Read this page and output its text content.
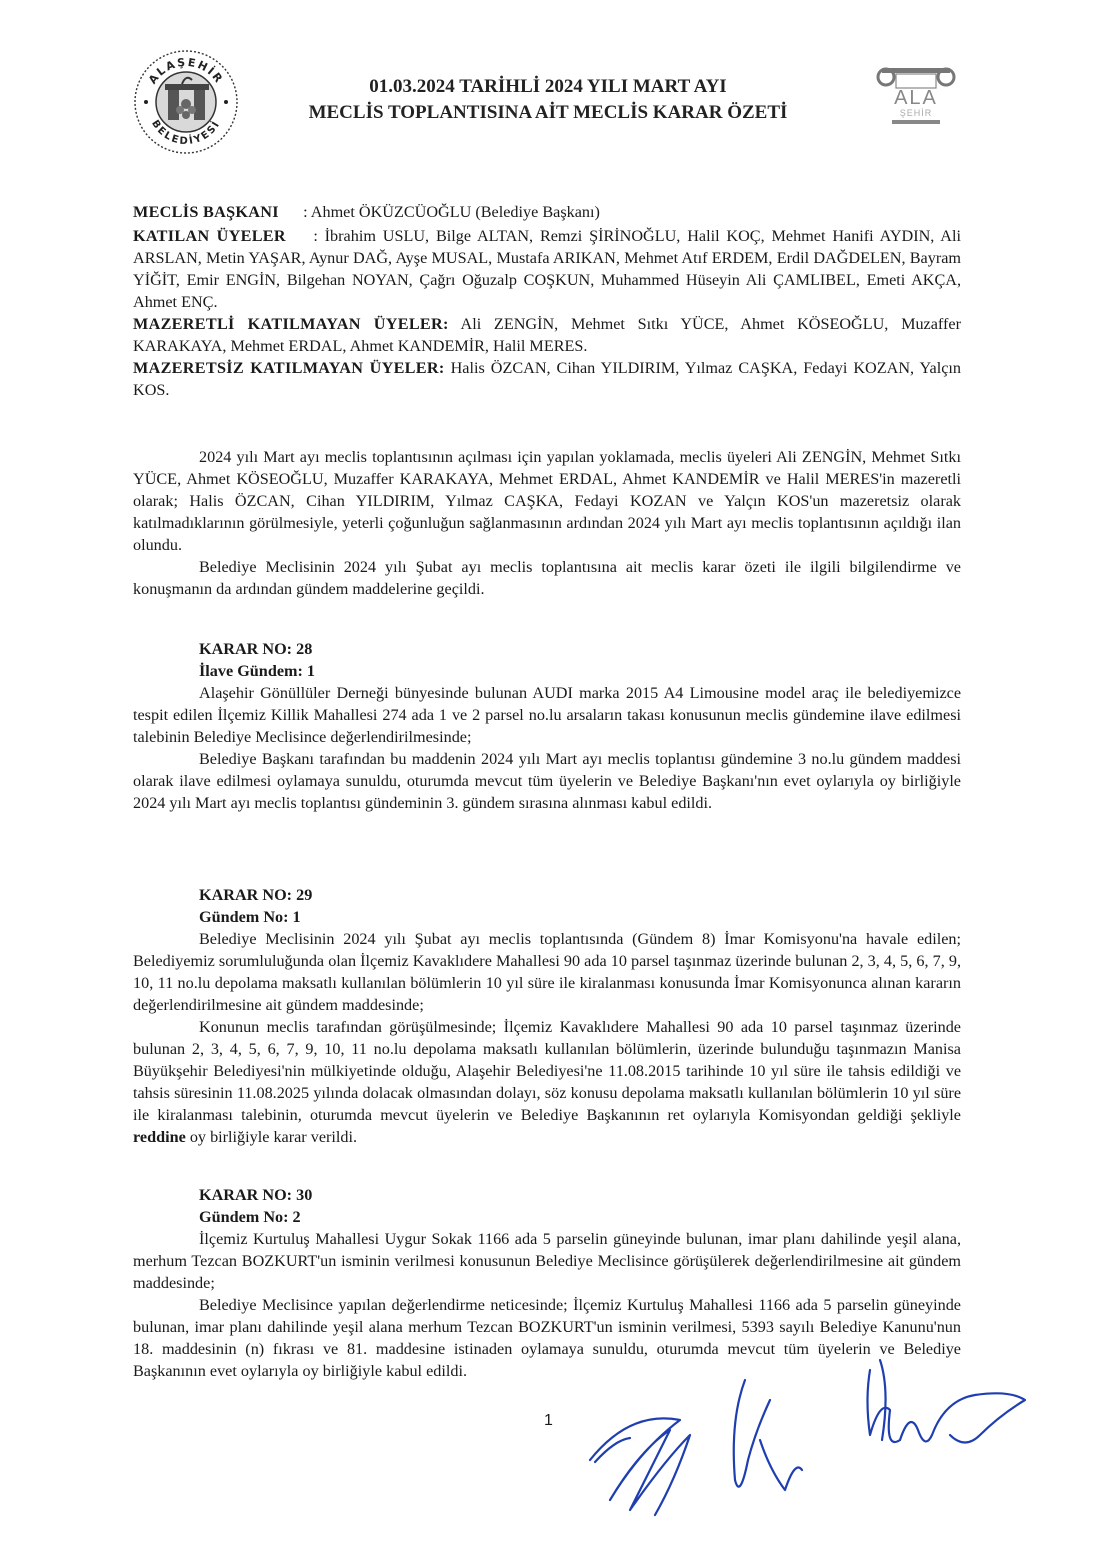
ALAŞEHİR
BELEDİYESİ
ALA
ŞEHİR
01.03.2024 TARİHLİ 2024 YILI MART AYI
MECLİS TOPLANTISINA AİT MECLİS KARAR ÖZETİ

MECLİS BAŞKANI : Ahmet ÖKÜZCÜOĞLU (Belediye Başkanı)

KATILAN ÜYELER : İbrahim USLU, Bilge ALTAN, Remzi ŞİRİNOĞLU, Halil KOÇ, Mehmet Hanifi AYDIN, Ali ARSLAN, Metin YAŞAR, Aynur DAĞ, Ayşe MUSAL, Mustafa ARIKAN, Mehmet Atıf ERDEM, Erdil DAĞDELEN, Bayram YİĞİT, Emir ENGİN, Bilgehan NOYAN, Çağrı Oğuzalp COŞKUN, Muhammed Hüseyin Ali ÇAMLIBEL, Emeti AKÇA, Ahmet ENÇ.

MAZERETLİ KATILMAYAN ÜYELER: Ali ZENGİN, Mehmet Sıtkı YÜCE, Ahmet KÖSEOĞLU, Muzaffer KARAKAYA, Mehmet ERDAL, Ahmet KANDEMİR, Halil MERES.

MAZERETSİZ KATILMAYAN ÜYELER: Halis ÖZCAN, Cihan YILDIRIM, Yılmaz CAŞKA, Fedayi KOZAN, Yalçın KOS.

2024 yılı Mart ayı meclis toplantısının açılması için yapılan yoklamada, meclis üyeleri Ali ZENGİN, Mehmet Sıtkı YÜCE, Ahmet KÖSEOĞLU, Muzaffer KARAKAYA, Mehmet ERDAL, Ahmet KANDEMİR ve Halil MERES'in mazeretli olarak; Halis ÖZCAN, Cihan YILDIRIM, Yılmaz CAŞKA, Fedayi KOZAN ve Yalçın KOS'un mazeretsiz olarak katılmadıklarının görülmesiyle, yeterli çoğunluğun sağlanmasının ardından 2024 yılı Mart ayı meclis toplantısının açıldığı ilan olundu.

Belediye Meclisinin 2024 yılı Şubat ayı meclis toplantısına ait meclis karar özeti ile ilgili bilgilendirme ve konuşmanın da ardından gündem maddelerine geçildi.

KARAR NO: 28

İlave Gündem: 1

Alaşehir Gönüllüler Derneği bünyesinde bulunan AUDI marka 2015 A4 Limousine model araç ile belediyemizce tespit edilen İlçemiz Killik Mahallesi 274 ada 1 ve 2 parsel no.lu arsaların takası konusunun meclis gündemine ilave edilmesi talebinin Belediye Meclisince değerlendirilmesinde;

Belediye Başkanı tarafından bu maddenin 2024 yılı Mart ayı meclis toplantısı gündemine 3 no.lu gündem maddesi olarak ilave edilmesi oylamaya sunuldu, oturumda mevcut tüm üyelerin ve Belediye Başkanı'nın evet oylarıyla oy birliğiyle 2024 yılı Mart ayı meclis toplantısı gündeminin 3. gündem sırasına alınması kabul edildi.

KARAR NO: 29

Gündem No: 1

Belediye Meclisinin 2024 yılı Şubat ayı meclis toplantısında (Gündem 8) İmar Komisyonu'na havale edilen; Belediyemiz sorumluluğunda olan İlçemiz Kavaklıdere Mahallesi 90 ada 10 parsel taşınmaz üzerinde bulunan 2, 3, 4, 5, 6, 7, 9, 10, 11 no.lu depolama maksatlı kullanılan bölümlerin 10 yıl süre ile kiralanması konusunda İmar Komisyonunca alınan kararın değerlendirilmesine ait gündem maddesinde;

Konunun meclis tarafından görüşülmesinde; İlçemiz Kavaklıdere Mahallesi 90 ada 10 parsel taşınmaz üzerinde bulunan 2, 3, 4, 5, 6, 7, 9, 10, 11 no.lu depolama maksatlı kullanılan bölümlerin, üzerinde bulunduğu taşınmazın Manisa Büyükşehir Belediyesi'nin mülkiyetinde olduğu, Alaşehir Belediyesi'ne 11.08.2015 tarihinde 10 yıl süre ile tahsis edildiği ve tahsis süresinin 11.08.2025 yılında dolacak olmasından dolayı, söz konusu depolama maksatlı kullanılan bölümlerin 10 yıl süre ile kiralanması talebinin, oturumda mevcut üyelerin ve Belediye Başkanının ret oylarıyla Komisyondan geldiği şekliyle reddine oy birliğiyle karar verildi.

KARAR NO: 30

Gündem No: 2

İlçemiz Kurtuluş Mahallesi Uygur Sokak 1166 ada 5 parselin güneyinde bulunan, imar planı dahilinde yeşil alana, merhum Tezcan BOZKURT'un isminin verilmesi konusunun Belediye Meclisince görüşülerek değerlendirilmesine ait gündem maddesinde;

Belediye Meclisince yapılan değerlendirme neticesinde; İlçemiz Kurtuluş Mahallesi 1166 ada 5 parselin güneyinde bulunan, imar planı dahilinde yeşil alana merhum Tezcan BOZKURT'un isminin verilmesi, 5393 sayılı Belediye Kanunu'nun 18. maddesinin (n) fıkrası ve 81. maddesine istinaden oylamaya sunuldu, oturumda mevcut tüm üyelerin ve Belediye Başkanının evet oylarıyla oy birliğiyle kabul edildi.

1
